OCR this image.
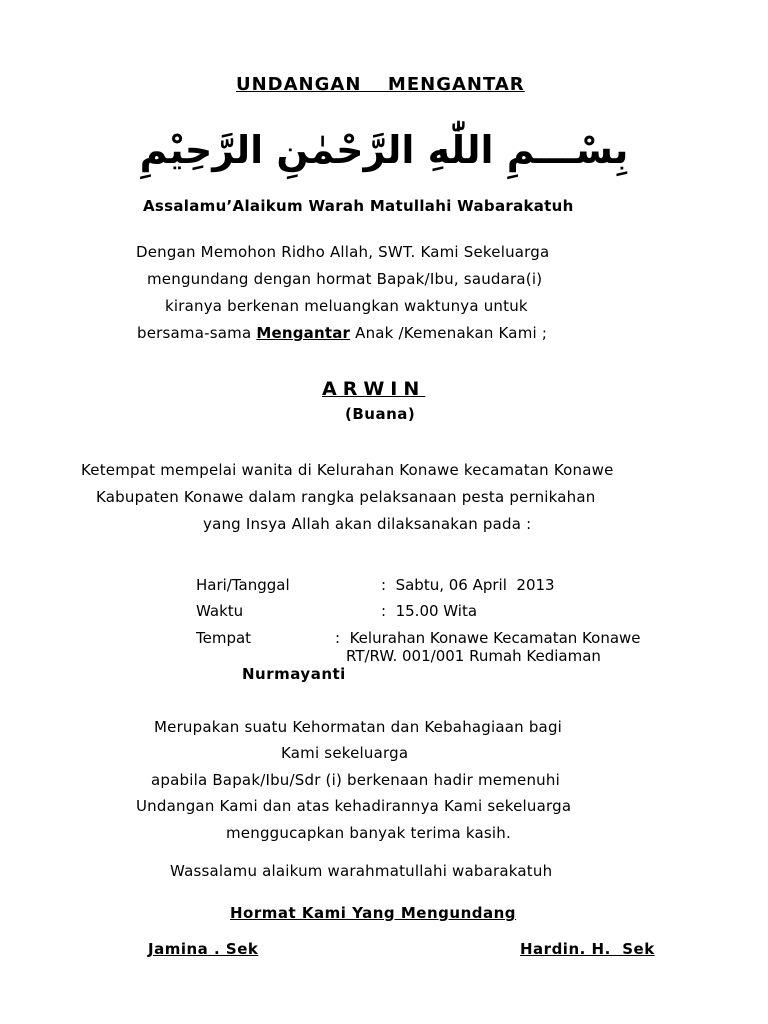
UNDANGAN  MENGANTAR
بِسْـــمِ اللّٰهِ الرَّحْمٰنِ الرَّحِيْمِ
Assalamu’Alaikum Warah Matullahi Wabarakatuh
Dengan Memohon Ridho Allah, SWT. Kami Sekeluarga
mengundang dengan hormat Bapak/Ibu, saudara(i)
kiranya berkenan meluangkan waktunya untuk
bersama-sama Mengantar Anak /Kemenakan Kami ;
ARWIN
(Buana)
Ketempat mempelai wanita di Kelurahan Konawe kecamatan Konawe
Kabupaten Konawe dalam rangka pelaksanaan pesta pernikahan
yang Insya Allah akan dilaksanakan pada :
Hari/Tanggal	:  Sabtu, 06 April  2013
Waktu	:  15.00 Wita
Tempat	:  Kelurahan Konawe Kecamatan Konawe
RT/RW. 001/001 Rumah Kediaman
Nurmayanti
Merupakan suatu Kehormatan dan Kebahagiaan bagi
Kami sekeluarga
apabila Bapak/Ibu/Sdr (i) berkenaan hadir memenuhi
Undangan Kami dan atas kehadirannya Kami sekeluarga
menggucapkan banyak terima kasih.
Wassalamu alaikum warahmatullahi wabarakatuh
Hormat Kami Yang Mengundang
Jamina . Sek	Hardin. H.  Sek
